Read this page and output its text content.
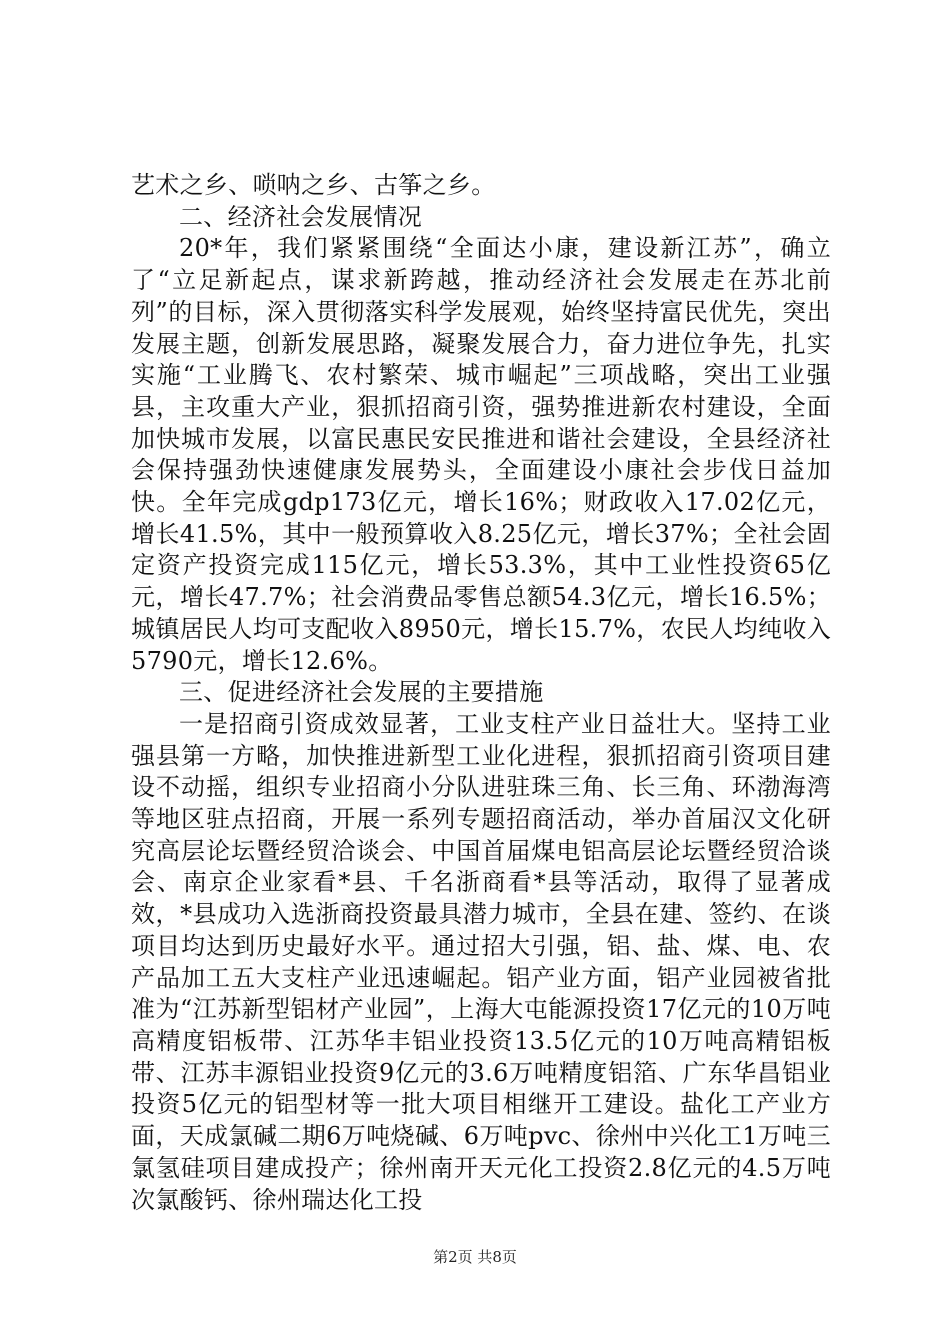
艺术之乡、唢呐之乡、古筝之乡。

二、经济社会发展情况

20*年，我们紧紧围绕“全面达小康，建设新江苏”，确立了“立足新起点，谋求新跨越，推动经济社会发展走在苏北前列”的目标，深入贯彻落实科学发展观，始终坚持富民优先，突出发展主题，创新发展思路，凝聚发展合力，奋力进位争先，扎实实施“工业腾飞、农村繁荣、城市崛起”三项战略，突出工业强县，主攻重大产业，狠抓招商引资，强势推进新农村建设，全面加快城市发展，以富民惠民安民推进和谐社会建设，全县经济社会保持强劲快速健康发展势头，全面建设小康社会步伐日益加快。全年完成gdp173亿元，增长16%；财政收入17.02亿元，增长41.5%，其中一般预算收入8.25亿元，增长37%；全社会固定资产投资完成115亿元，增长53.3%，其中工业性投资65亿元，增长47.7%；社会消费品零售总额54.3亿元，增长16.5%；城镇居民人均可支配收入8950元，增长15.7%，农民人均纯收入5790元，增长12.6%。

三、促进经济社会发展的主要措施

一是招商引资成效显著，工业支柱产业日益壮大。坚持工业强县第一方略，加快推进新型工业化进程，狠抓招商引资项目建设不动摇，组织专业招商小分队进驻珠三角、长三角、环渤海湾等地区驻点招商，开展一系列专题招商活动，举办首届汉文化研究高层论坛暨经贸洽谈会、中国首届煤电铝高层论坛暨经贸洽谈会、南京企业家看*县、千名浙商看*县等活动，取得了显著成效，*县成功入选浙商投资最具潜力城市，全县在建、签约、在谈项目均达到历史最好水平。通过招大引强，铝、盐、煤、电、农产品加工五大支柱产业迅速崛起。铝产业方面，铝产业园被省批准为“江苏新型铝材产业园”，上海大屯能源投资17亿元的10万吨高精度铝板带、江苏华丰铝业投资13.5亿元的10万吨高精铝板带、江苏丰源铝业投资9亿元的3.6万吨精度铝箔、广东华昌铝业投资5亿元的铝型材等一批大项目相继开工建设。盐化工产业方面，天成氯碱二期6万吨烧碱、6万吨pvc、徐州中兴化工1万吨三氯氢硅项目建成投产；徐州南开天元化工投资2.8亿元的4.5万吨次氯酸钙、徐州瑞达化工投

第2页 共8页
